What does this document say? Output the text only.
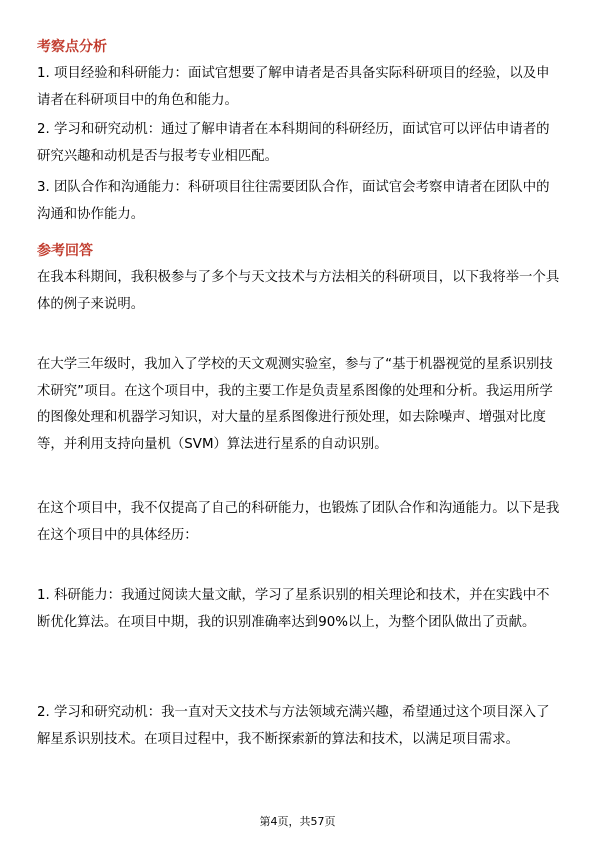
考察点分析
1. 项目经验和科研能力：面试官想要了解申请者是否具备实际科研项目的经验，以及申请者在科研项目中的角色和能力。
2. 学习和研究动机：通过了解申请者在本科期间的科研经历，面试官可以评估申请者的研究兴趣和动机是否与报考专业相匹配。
3. 团队合作和沟通能力：科研项目往往需要团队合作，面试官会考察申请者在团队中的沟通和协作能力。
参考回答
在我本科期间，我积极参与了多个与天文技术与方法相关的科研项目，以下我将举一个具体的例子来说明。
在大学三年级时，我加入了学校的天文观测实验室，参与了“基于机器视觉的星系识别技术研究”项目。在这个项目中，我的主要工作是负责星系图像的处理和分析。我运用所学的图像处理和机器学习知识，对大量的星系图像进行预处理，如去除噪声、增强对比度等，并利用支持向量机（SVM）算法进行星系的自动识别。
在这个项目中，我不仅提高了自己的科研能力，也锻炼了团队合作和沟通能力。以下是我在这个项目中的具体经历：
1. 科研能力：我通过阅读大量文献，学习了星系识别的相关理论和技术，并在实践中不断优化算法。在项目中期，我的识别准确率达到90%以上，为整个团队做出了贡献。
2. 学习和研究动机：我一直对天文技术与方法领域充满兴趣，希望通过这个项目深入了解星系识别技术。在项目过程中，我不断探索新的算法和技术，以满足项目需求。
第4页，共57页
